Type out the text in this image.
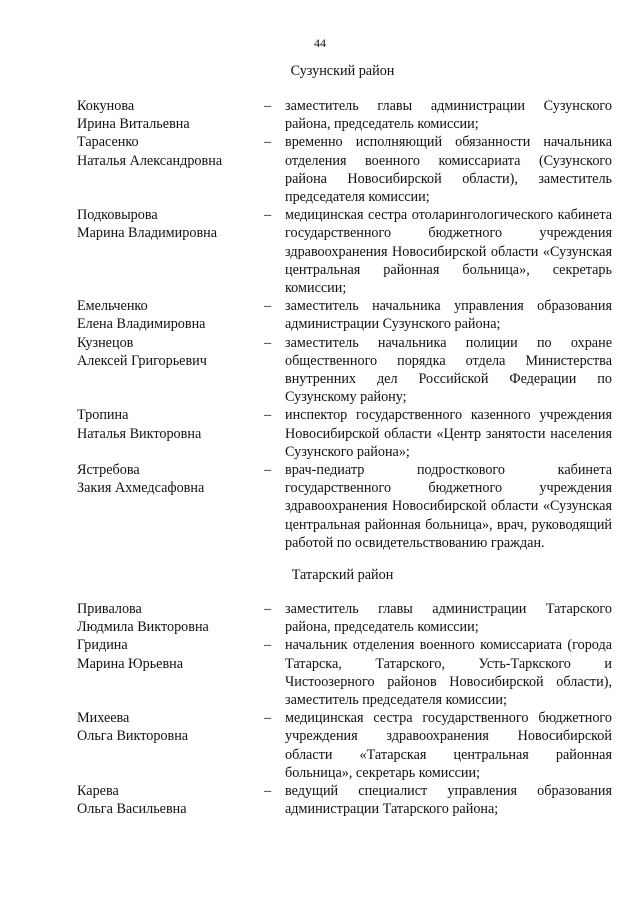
44
Сузунский район
Кокунова
Ирина Витальевна
– заместитель главы администрации Сузунского района, председатель комиссии;
Тарасенко
Наталья Александровна
– временно исполняющий обязанности начальника отделения военного комиссариата (Сузунского района Новосибирской области), заместитель председателя комиссии;
Подковырова
Марина Владимировна
– медицинская сестра отоларингологического кабинета государственного бюджетного учреждения здравоохранения Новосибирской области «Сузунская центральная районная больница», секретарь комиссии;
Емельченко
Елена Владимировна
– заместитель начальника управления образования администрации Сузунского района;
Кузнецов
Алексей Григорьевич
– заместитель начальника полиции по охране общественного порядка отдела Министерства внутренних дел Российской Федерации по Сузунскому району;
Тропина
Наталья Викторовна
– инспектор государственного казенного учреждения Новосибирской области «Центр занятости населения Сузунского района»;
Ястребова
Закия Ахмедсафовна
– врач-педиатр подросткового кабинета государственного бюджетного учреждения здравоохранения Новосибирской области «Сузунская центральная районная больница», врач, руководящий работой по освидетельствованию граждан.
Татарский район
Привалова
Людмила Викторовна
– заместитель главы администрации Татарского района, председатель комиссии;
Гридина
Марина Юрьевна
– начальник отделения военного комиссариата (города Татарска, Татарского, Усть-Таркского и Чистоозерного районов Новосибирской области), заместитель председателя комиссии;
Михеева
Ольга Викторовна
– медицинская сестра государственного бюджетного учреждения здравоохранения Новосибирской области «Татарская центральная районная больница», секретарь комиссии;
Карева
Ольга Васильевна
– ведущий специалист управления образования администрации Татарского района;
